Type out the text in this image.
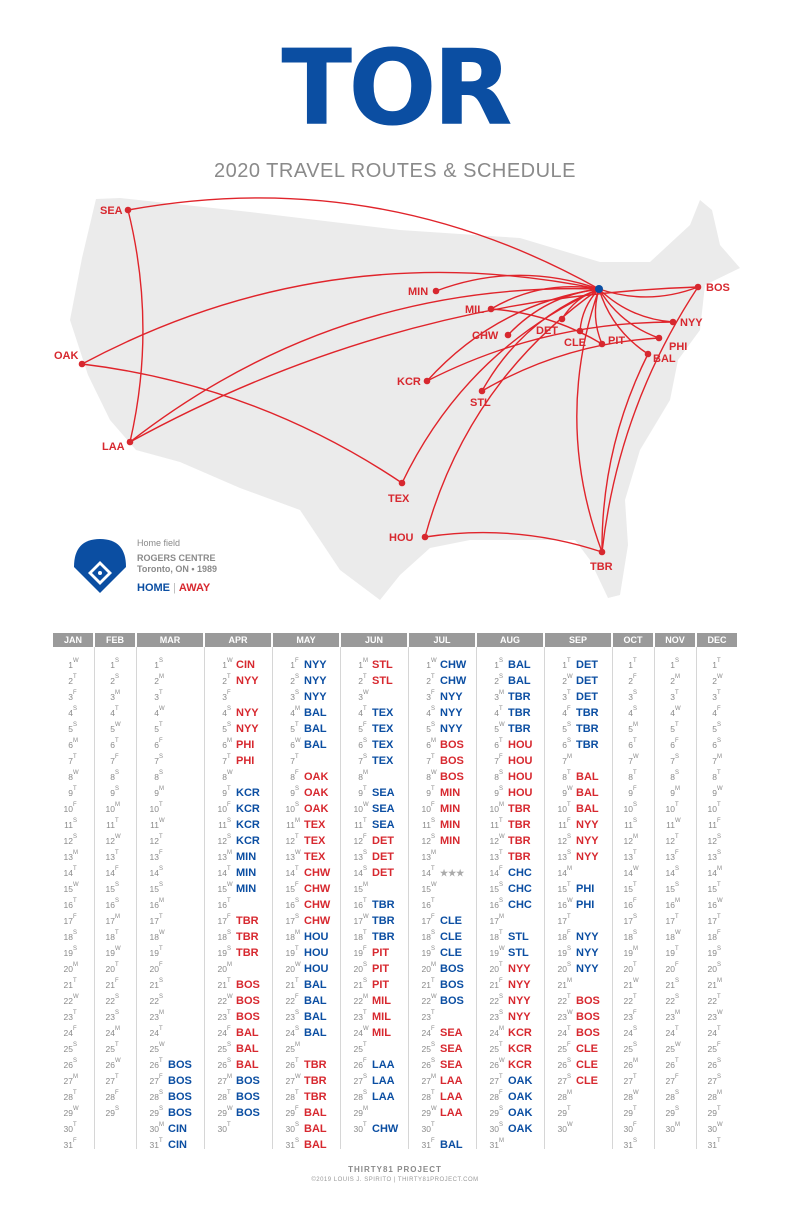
TOR
2020 TRAVEL ROUTES & SCHEDULE
SEA
MIN	BOS
MIL
NYY
DET
CHW
CLE PIT	PHI
OAK	BAL
KCR
STL
LAA
TEX
HOU
TBR
Home field
ROGERS CENTRE
Toronto, ON • 1989
HOME | AWAY
JAN
1W
2T
3F
4S
5S
6M
7T
8W
9T
10F
11S
12S
13M
14T
15W
16T
17F
18S
19S
20M
21T
22W
23T
24F
25S
26S
27M
28T
29W
30T
31F
FEB
1S
2S
3M
4T
5W
6T
7F
8S
9S
10M
11T
12W
13T
14F
15S
16S
17M
18T
19W
20T
21F
22S
23S
24M
25T
26W
27T
28F
29S
MAR
1S
2M
3T
4W
5T
6F
7S
8S
9M
10T
11W
12T
13F
14S
15S
16M
17T
18W
19T
20F
21S
22S
23M
24T
25W
26T BOS
27F BOS
28S BOS
29S BOS
30M CIN
31T CIN
APR
1W CIN
2T NYY
3F
4S NYY
5S NYY
6M PHI
7T PHI
8W
9T KCR
10F KCR
11S KCR
12S KCR
13M MIN
14T MIN
15W MIN
16T
17F TBR
18S TBR
19S TBR
20M
21T BOS
22W BOS
23T BOS
24F BAL
25S BAL
26S BAL
27M BOS
28T BOS
29W BOS
30T
MAY
1F NYY
2S NYY
3S NYY
4M BAL
5T BAL
6W BAL
7T
8F OAK
9S OAK
10S OAK
11M TEX
12T TEX
13W TEX
14T CHW
15F CHW
16S CHW
17S CHW
18M HOU
19T HOU
20W HOU
21T BAL
22F BAL
23S BAL
24S BAL
25M
26T TBR
27W TBR
28T TBR
29F BAL
30S BAL
31S BAL
JUN
1M STL
2T STL
3W
4T TEX
5F TEX
6S TEX
7S TEX
8M
9T SEA
10W SEA
11T SEA
12F DET
13S DET
14S DET
15M
16T TBR
17W TBR
18T TBR
19F PIT
20S PIT
21S PIT
22M MIL
23T MIL
24W MIL
25T
26F LAA
27S LAA
28S LAA
29M
30T CHW
JUL
1W CHW
2T CHW
3F NYY
4S NYY
5S NYY
6M BOS
7T BOS
8W BOS
9T MIN
10F MIN
11S MIN
12S MIN
13M
14T ★★★
15W
16T
17F CLE
18S CLE
19S CLE
20M BOS
21T BOS
22W BOS
23T
24F SEA
25S SEA
26S SEA
27M LAA
28T LAA
29W LAA
30T
31F BAL
AUG
1S BAL
2S BAL
3M TBR
4T TBR
5W TBR
6T HOU
7F HOU
8S HOU
9S HOU
10M TBR
11T TBR
12W TBR
13T TBR
14F CHC
15S CHC
16S CHC
17M
18T STL
19W STL
20T NYY
21F NYY
22S NYY
23S NYY
24M KCR
25T KCR
26W KCR
27T OAK
28F OAK
29S OAK
30S OAK
31M
SEP
1T DET
2W DET
3T DET
4F TBR
5S TBR
6S TBR
7M
8T BAL
9W BAL
10T BAL
11F NYY
12S NYY
13S NYY
14M
15T PHI
16W PHI
17T
18F NYY
19S NYY
20S NYY
21M
22T BOS
23W BOS
24T BOS
25F CLE
26S CLE
27S CLE
28M
29T
30W
OCT
1T
2F
3S
4S
5M
6T
7W
8T
9F
10S
11S
12M
13T
14W
15T
16F
17S
18S
19M
20T
21W
22T
23F
24S
25S
26M
27T
28W
29T
30F
31S
NOV
1S
2M
3T
4W
5T
6F
7S
8S
9M
10T
11W
12T
13F
14S
15S
16M
17T
18W
19T
20F
21S
22S
23M
24T
25W
26T
27F
28S
29S
30M
DEC
1T
2W
3T
4F
5S
6S
7M
8T
9W
10T
11F
12S
13S
14M
15T
16W
17T
18F
19S
20S
21M
22T
23W
24T
25F
26S
27S
28M
29T
30W
31T
THIRTY81 PROJECT
©2019 LOUIS J. SPIRITO | THIRTY81PROJECT.COM
